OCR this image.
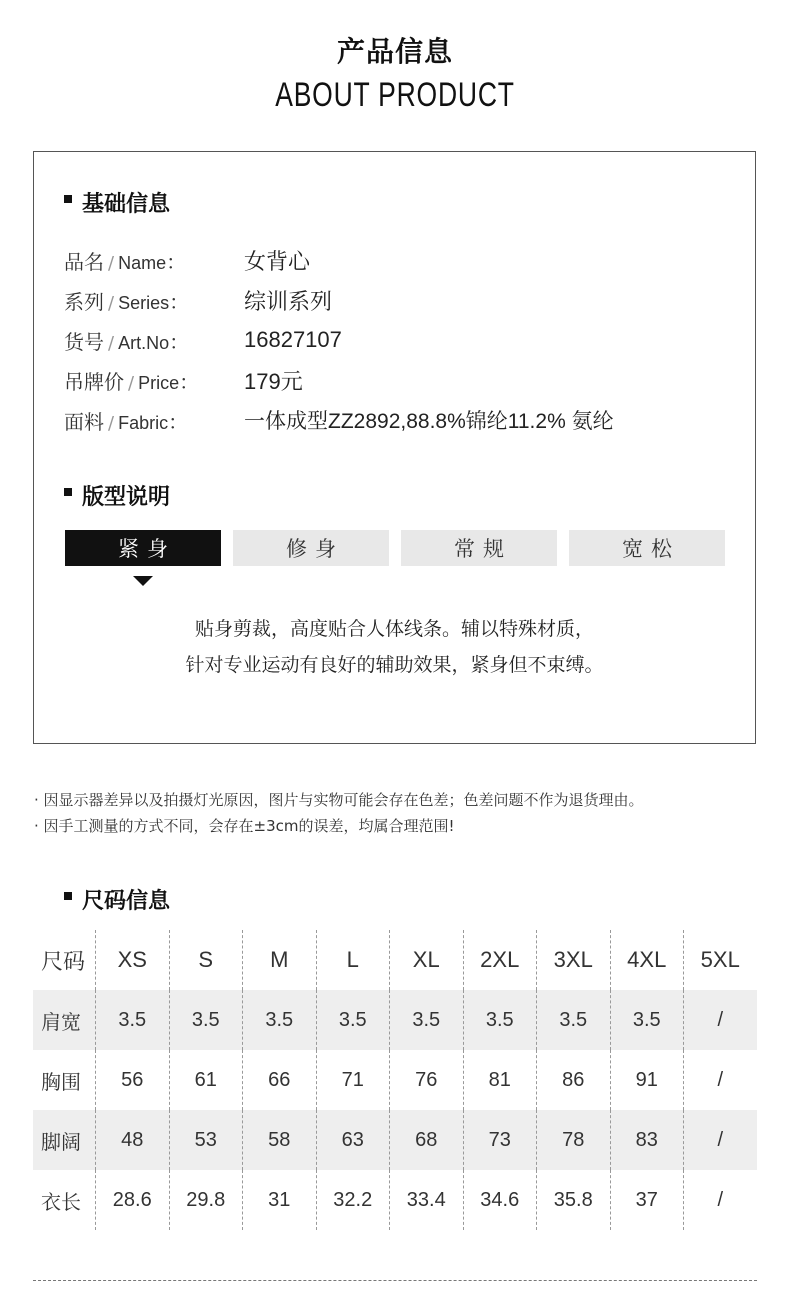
产品信息
ABOUT PRODUCT
基础信息
品名 / Name：	女背心
系列 / Series：	综训系列
货号 / Art.No：	16827107
吊牌价 / Price：	179元
面料 / Fabric：	一体成型ZZ2892,88.8%锦纶11.2% 氨纶
版型说明
紧身	修身	常规	宽松
贴身剪裁，高度贴合人体线条。辅以特殊材质，
针对专业运动有良好的辅助效果，紧身但不束缚。
· 因显示器差异以及拍摄灯光原因，图片与实物可能会存在色差；色差问题不作为退货理由。
· 因手工测量的方式不同，会存在±3cm的误差，均属合理范围!
尺码信息
尺码	XS	S	M	L	XL	2XL	3XL	4XL	5XL
肩宽	3.5	3.5	3.5	3.5	3.5	3.5	3.5	3.5	/
胸围	56	61	66	71	76	81	86	91	/
脚阔	48	53	58	63	68	73	78	83	/
衣长	28.6	29.8	31	32.2	33.4	34.6	35.8	37	/
